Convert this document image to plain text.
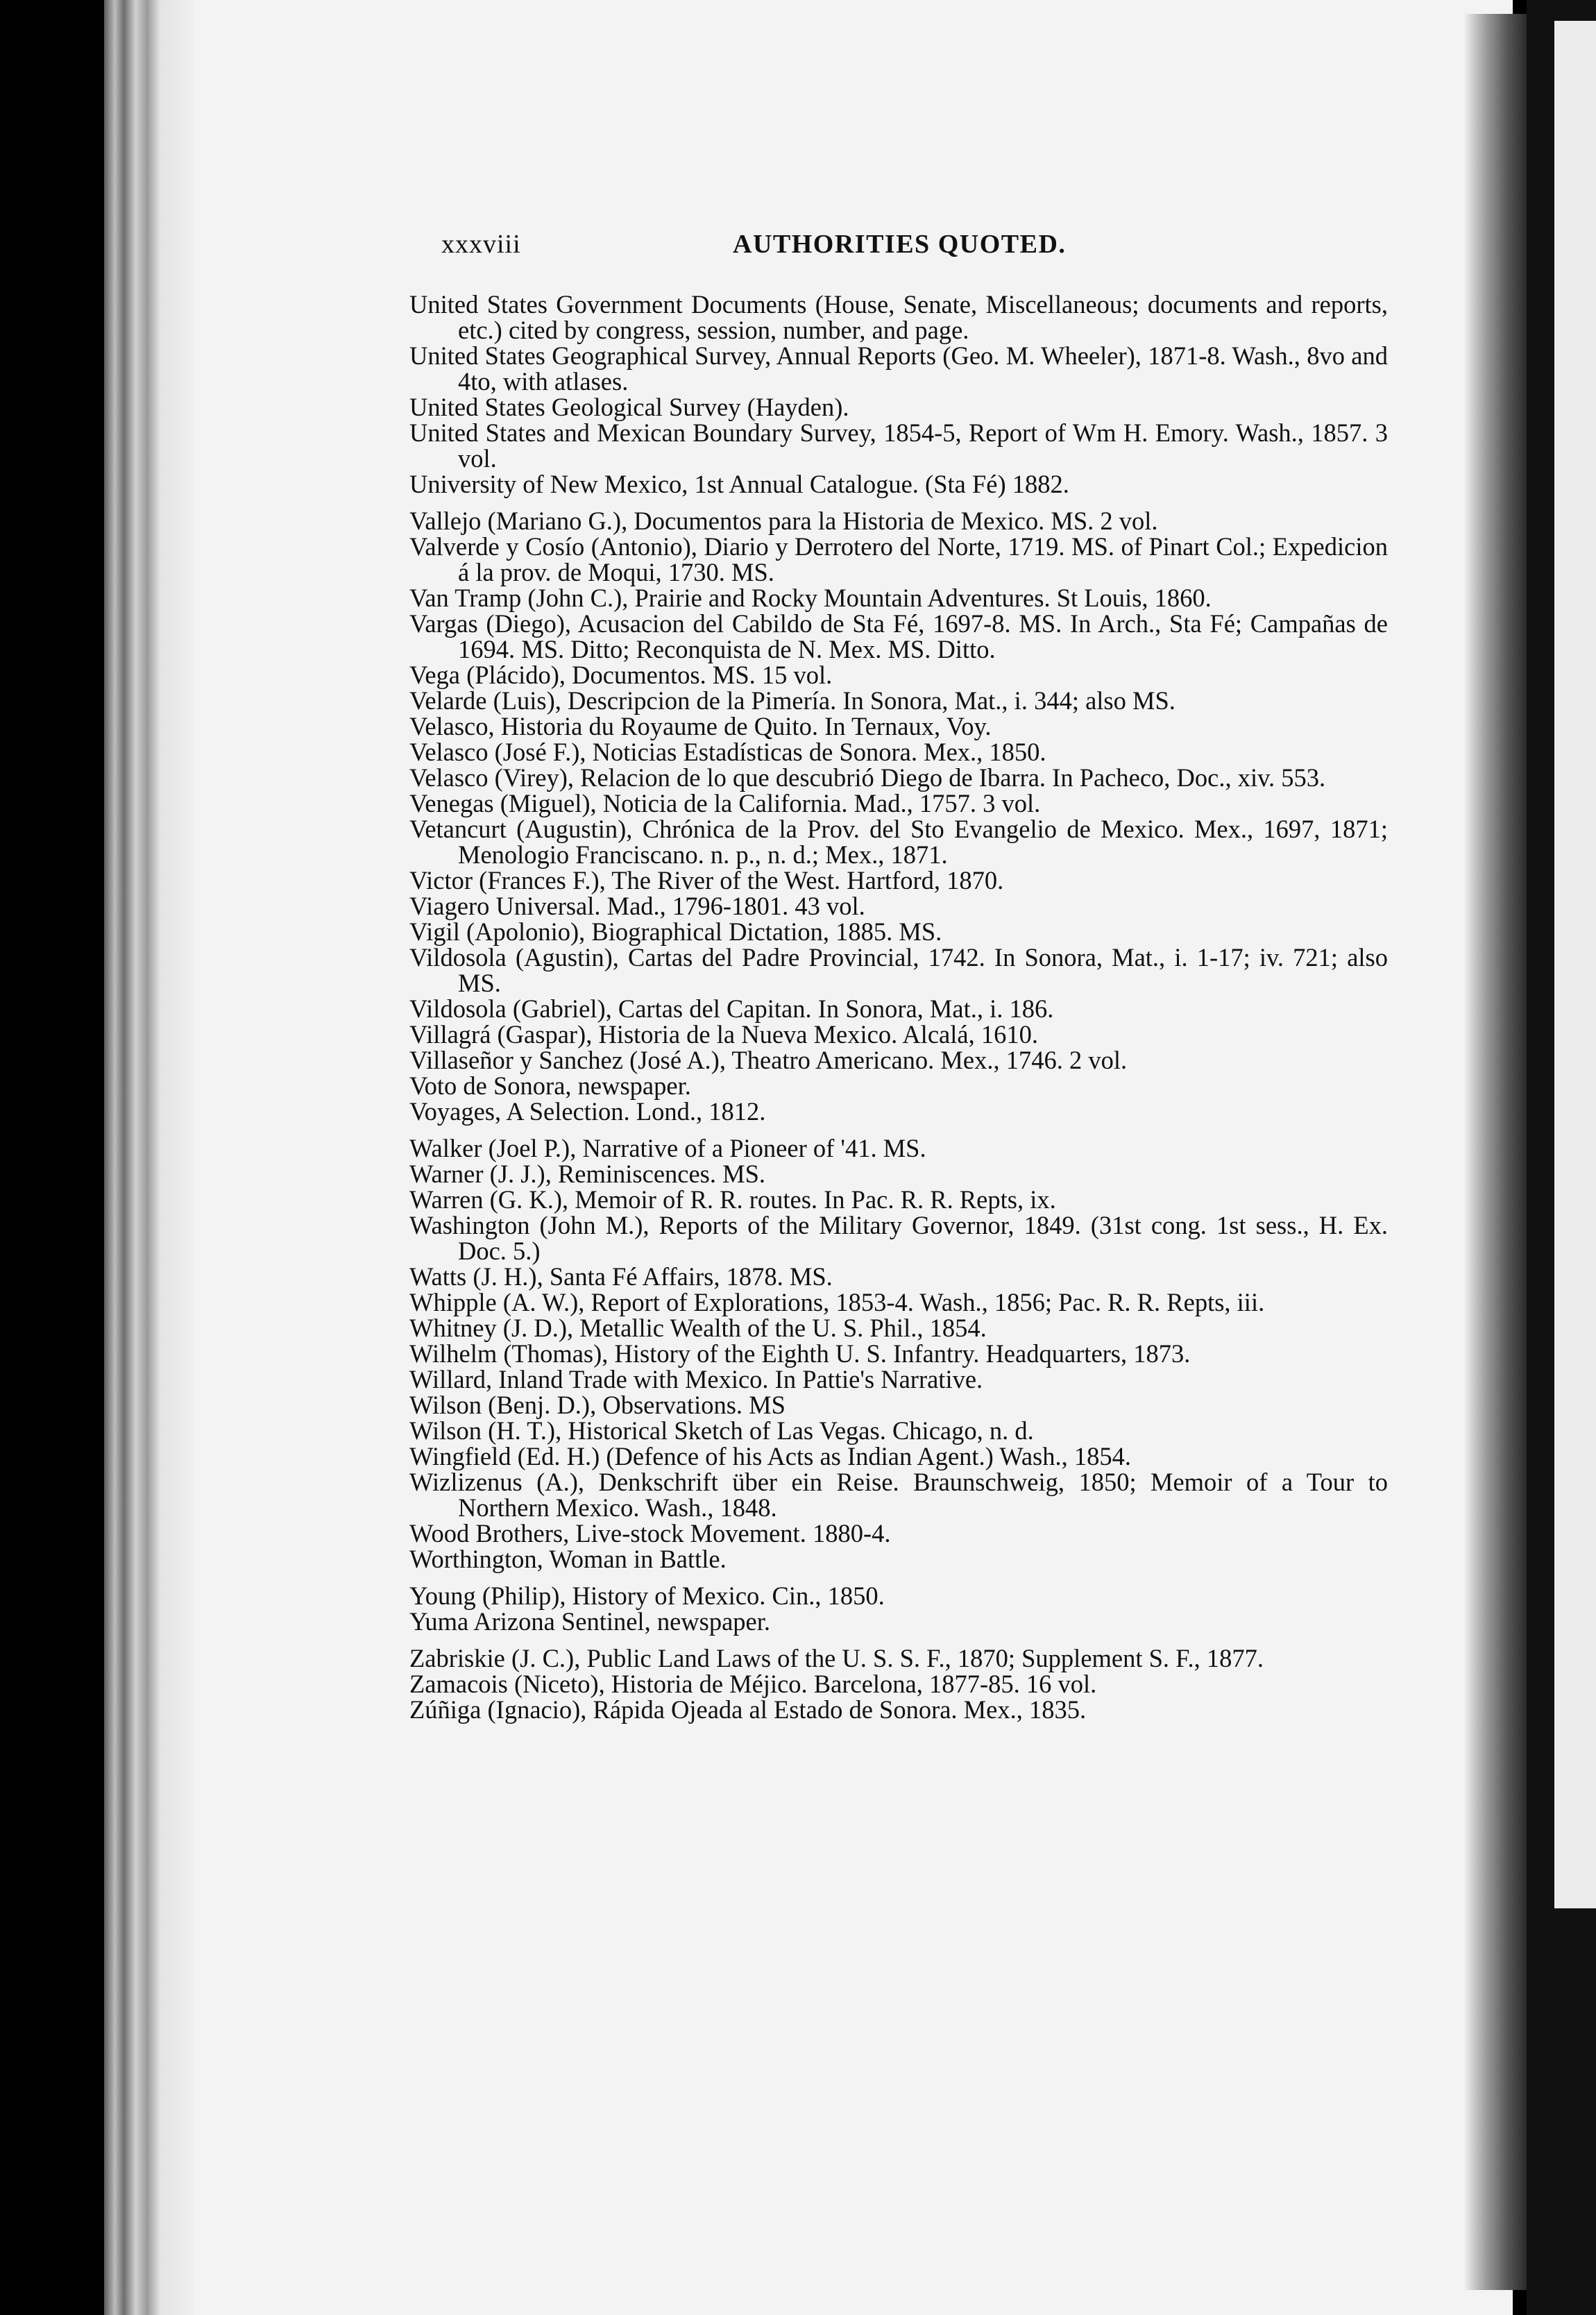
xxxviii	AUTHORITIES QUOTED.
United States Government Documents (House, Senate, Miscellaneous; documents and reports, etc.) cited by congress, session, number, and page.
United States Geographical Survey, Annual Reports (Geo. M. Wheeler), 1871-8. Wash., 8vo and 4to, with atlases.
United States Geological Survey (Hayden).
United States and Mexican Boundary Survey, 1854-5, Report of Wm H. Emory. Wash., 1857. 3 vol.
University of New Mexico, 1st Annual Catalogue. (Sta Fé) 1882.
Vallejo (Mariano G.), Documentos para la Historia de Mexico. MS. 2 vol.
Valverde y Cosío (Antonio), Diario y Derrotero del Norte, 1719. MS. of Pinart Col.; Expedicion á la prov. de Moqui, 1730. MS.
Van Tramp (John C.), Prairie and Rocky Mountain Adventures. St Louis, 1860.
Vargas (Diego), Acusacion del Cabildo de Sta Fé, 1697-8. MS. In Arch., Sta Fé; Campañas de 1694. MS. Ditto; Reconquista de N. Mex. MS. Ditto.
Vega (Plácido), Documentos. MS. 15 vol.
Velarde (Luis), Descripcion de la Pimería. In Sonora, Mat., i. 344; also MS.
Velasco, Historia du Royaume de Quito. In Ternaux, Voy.
Velasco (José F.), Noticias Estadísticas de Sonora. Mex., 1850.
Velasco (Virey), Relacion de lo que descubrió Diego de Ibarra. In Pacheco, Doc., xiv. 553.
Venegas (Miguel), Noticia de la California. Mad., 1757. 3 vol.
Vetancurt (Augustin), Chrónica de la Prov. del Sto Evangelio de Mexico. Mex., 1697, 1871; Menologio Franciscano. n. p., n. d.; Mex., 1871.
Victor (Frances F.), The River of the West. Hartford, 1870.
Viagero Universal. Mad., 1796-1801. 43 vol.
Vigil (Apolonio), Biographical Dictation, 1885. MS.
Vildosola (Agustin), Cartas del Padre Provincial, 1742. In Sonora, Mat., i. 1-17; iv. 721; also MS.
Vildosola (Gabriel), Cartas del Capitan. In Sonora, Mat., i. 186.
Villagrá (Gaspar), Historia de la Nueva Mexico. Alcalá, 1610.
Villaseñor y Sanchez (José A.), Theatro Americano. Mex., 1746. 2 vol.
Voto de Sonora, newspaper.
Voyages, A Selection. Lond., 1812.
Walker (Joel P.), Narrative of a Pioneer of '41. MS.
Warner (J. J.), Reminiscences. MS.
Warren (G. K.), Memoir of R. R. routes. In Pac. R. R. Repts, ix.
Washington (John M.), Reports of the Military Governor, 1849. (31st cong. 1st sess., H. Ex. Doc. 5.)
Watts (J. H.), Santa Fé Affairs, 1878. MS.
Whipple (A. W.), Report of Explorations, 1853-4. Wash., 1856; Pac. R. R. Repts, iii.
Whitney (J. D.), Metallic Wealth of the U. S. Phil., 1854.
Wilhelm (Thomas), History of the Eighth U. S. Infantry. Headquarters, 1873.
Willard, Inland Trade with Mexico. In Pattie's Narrative.
Wilson (Benj. D.), Observations. MS
Wilson (H. T.), Historical Sketch of Las Vegas. Chicago, n. d.
Wingfield (Ed. H.) (Defence of his Acts as Indian Agent.) Wash., 1854.
Wizlizenus (A.), Denkschrift über ein Reise. Braunschweig, 1850; Memoir of a Tour to Northern Mexico. Wash., 1848.
Wood Brothers, Live-stock Movement. 1880-4.
Worthington, Woman in Battle.
Young (Philip), History of Mexico. Cin., 1850.
Yuma Arizona Sentinel, newspaper.
Zabriskie (J. C.), Public Land Laws of the U. S. S. F., 1870; Supplement S. F., 1877.
Zamacois (Niceto), Historia de Méjico. Barcelona, 1877-85. 16 vol.
Zúñiga (Ignacio), Rápida Ojeada al Estado de Sonora. Mex., 1835.
